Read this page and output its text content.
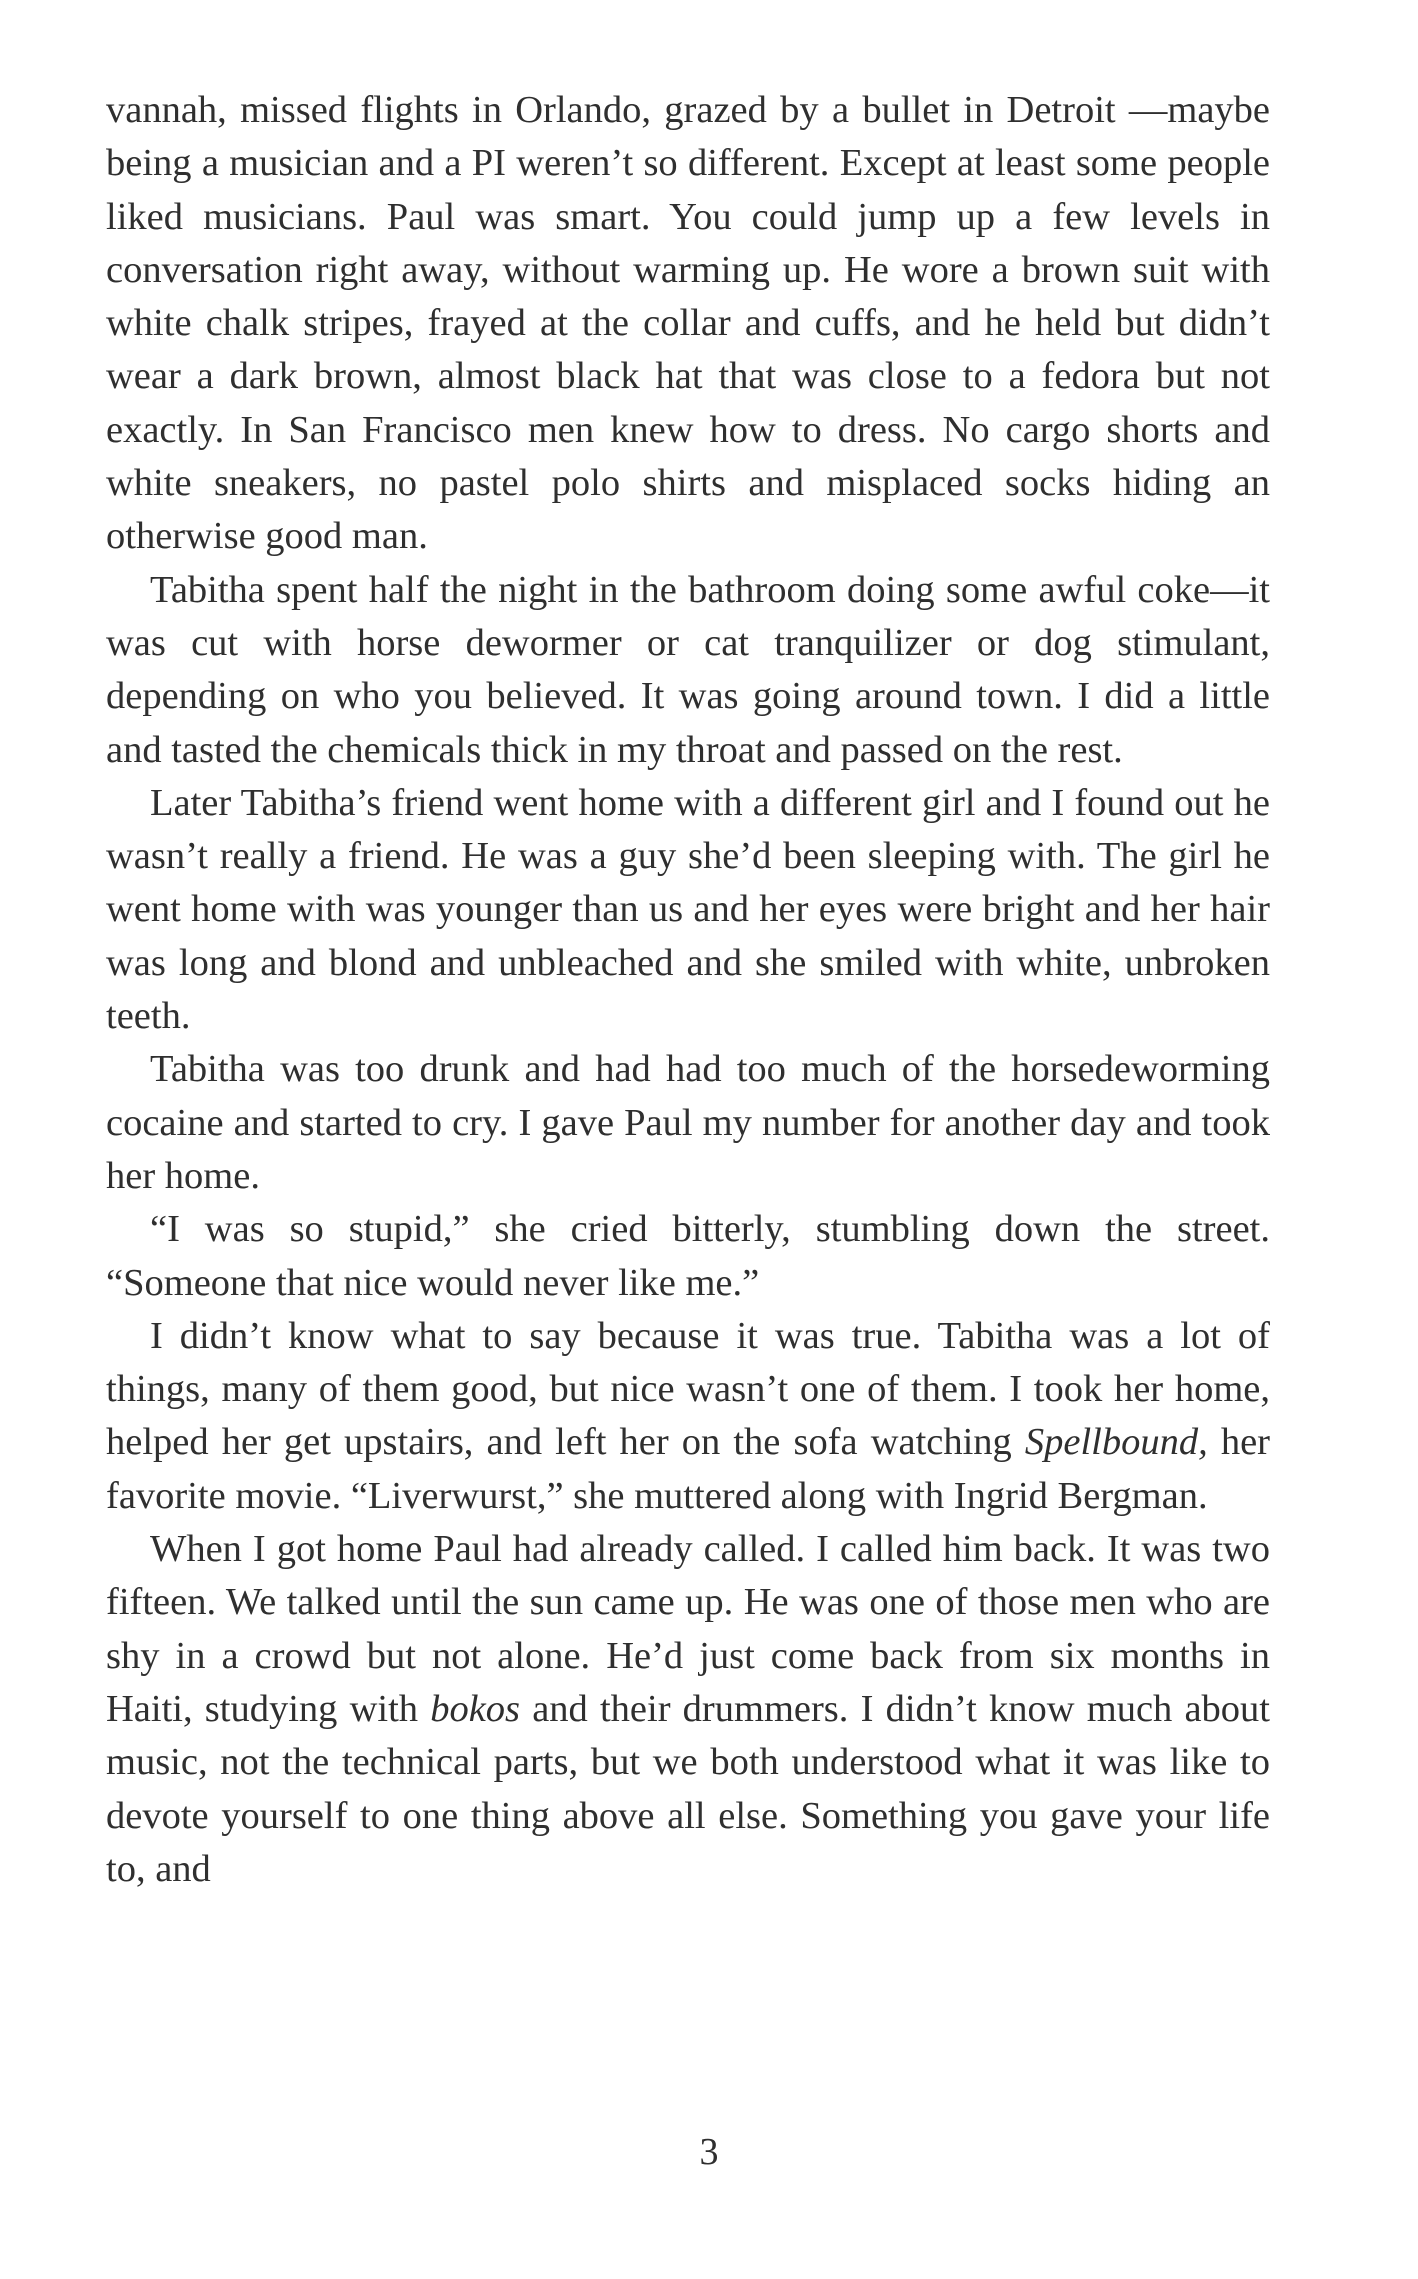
vannah, missed flights in Orlando, grazed by a bullet in Detroit —maybe being a musician and a PI weren’t so different. Except at least some people liked musicians. Paul was smart. You could jump up a few levels in conversation right away, without warming up. He wore a brown suit with white chalk stripes, frayed at the collar and cuffs, and he held but didn’t wear a dark brown, almost black hat that was close to a fedora but not exactly. In San Francisco men knew how to dress. No cargo shorts and white sneakers, no pastel polo shirts and misplaced socks hiding an otherwise good man.

Tabitha spent half the night in the bathroom doing some awful coke—it was cut with horse dewormer or cat tranquilizer or dog stimulant, depending on who you believed. It was going around town. I did a little and tasted the chemicals thick in my throat and passed on the rest.

Later Tabitha’s friend went home with a different girl and I found out he wasn’t really a friend. He was a guy she’d been sleeping with. The girl he went home with was younger than us and her eyes were bright and her hair was long and blond and unbleached and she smiled with white, unbroken teeth.

Tabitha was too drunk and had had too much of the horsedeworming cocaine and started to cry. I gave Paul my number for another day and took her home.

“I was so stupid,” she cried bitterly, stumbling down the street. “Someone that nice would never like me.”

I didn’t know what to say because it was true. Tabitha was a lot of things, many of them good, but nice wasn’t one of them. I took her home, helped her get upstairs, and left her on the sofa watching Spellbound, her favorite movie. “Liverwurst,” she muttered along with Ingrid Bergman.

When I got home Paul had already called. I called him back. It was two fifteen. We talked until the sun came up. He was one of those men who are shy in a crowd but not alone. He’d just come back from six months in Haiti, studying with bokos and their drummers. I didn’t know much about music, not the technical parts, but we both understood what it was like to devote yourself to one thing above all else. Something you gave your life to, and

3
